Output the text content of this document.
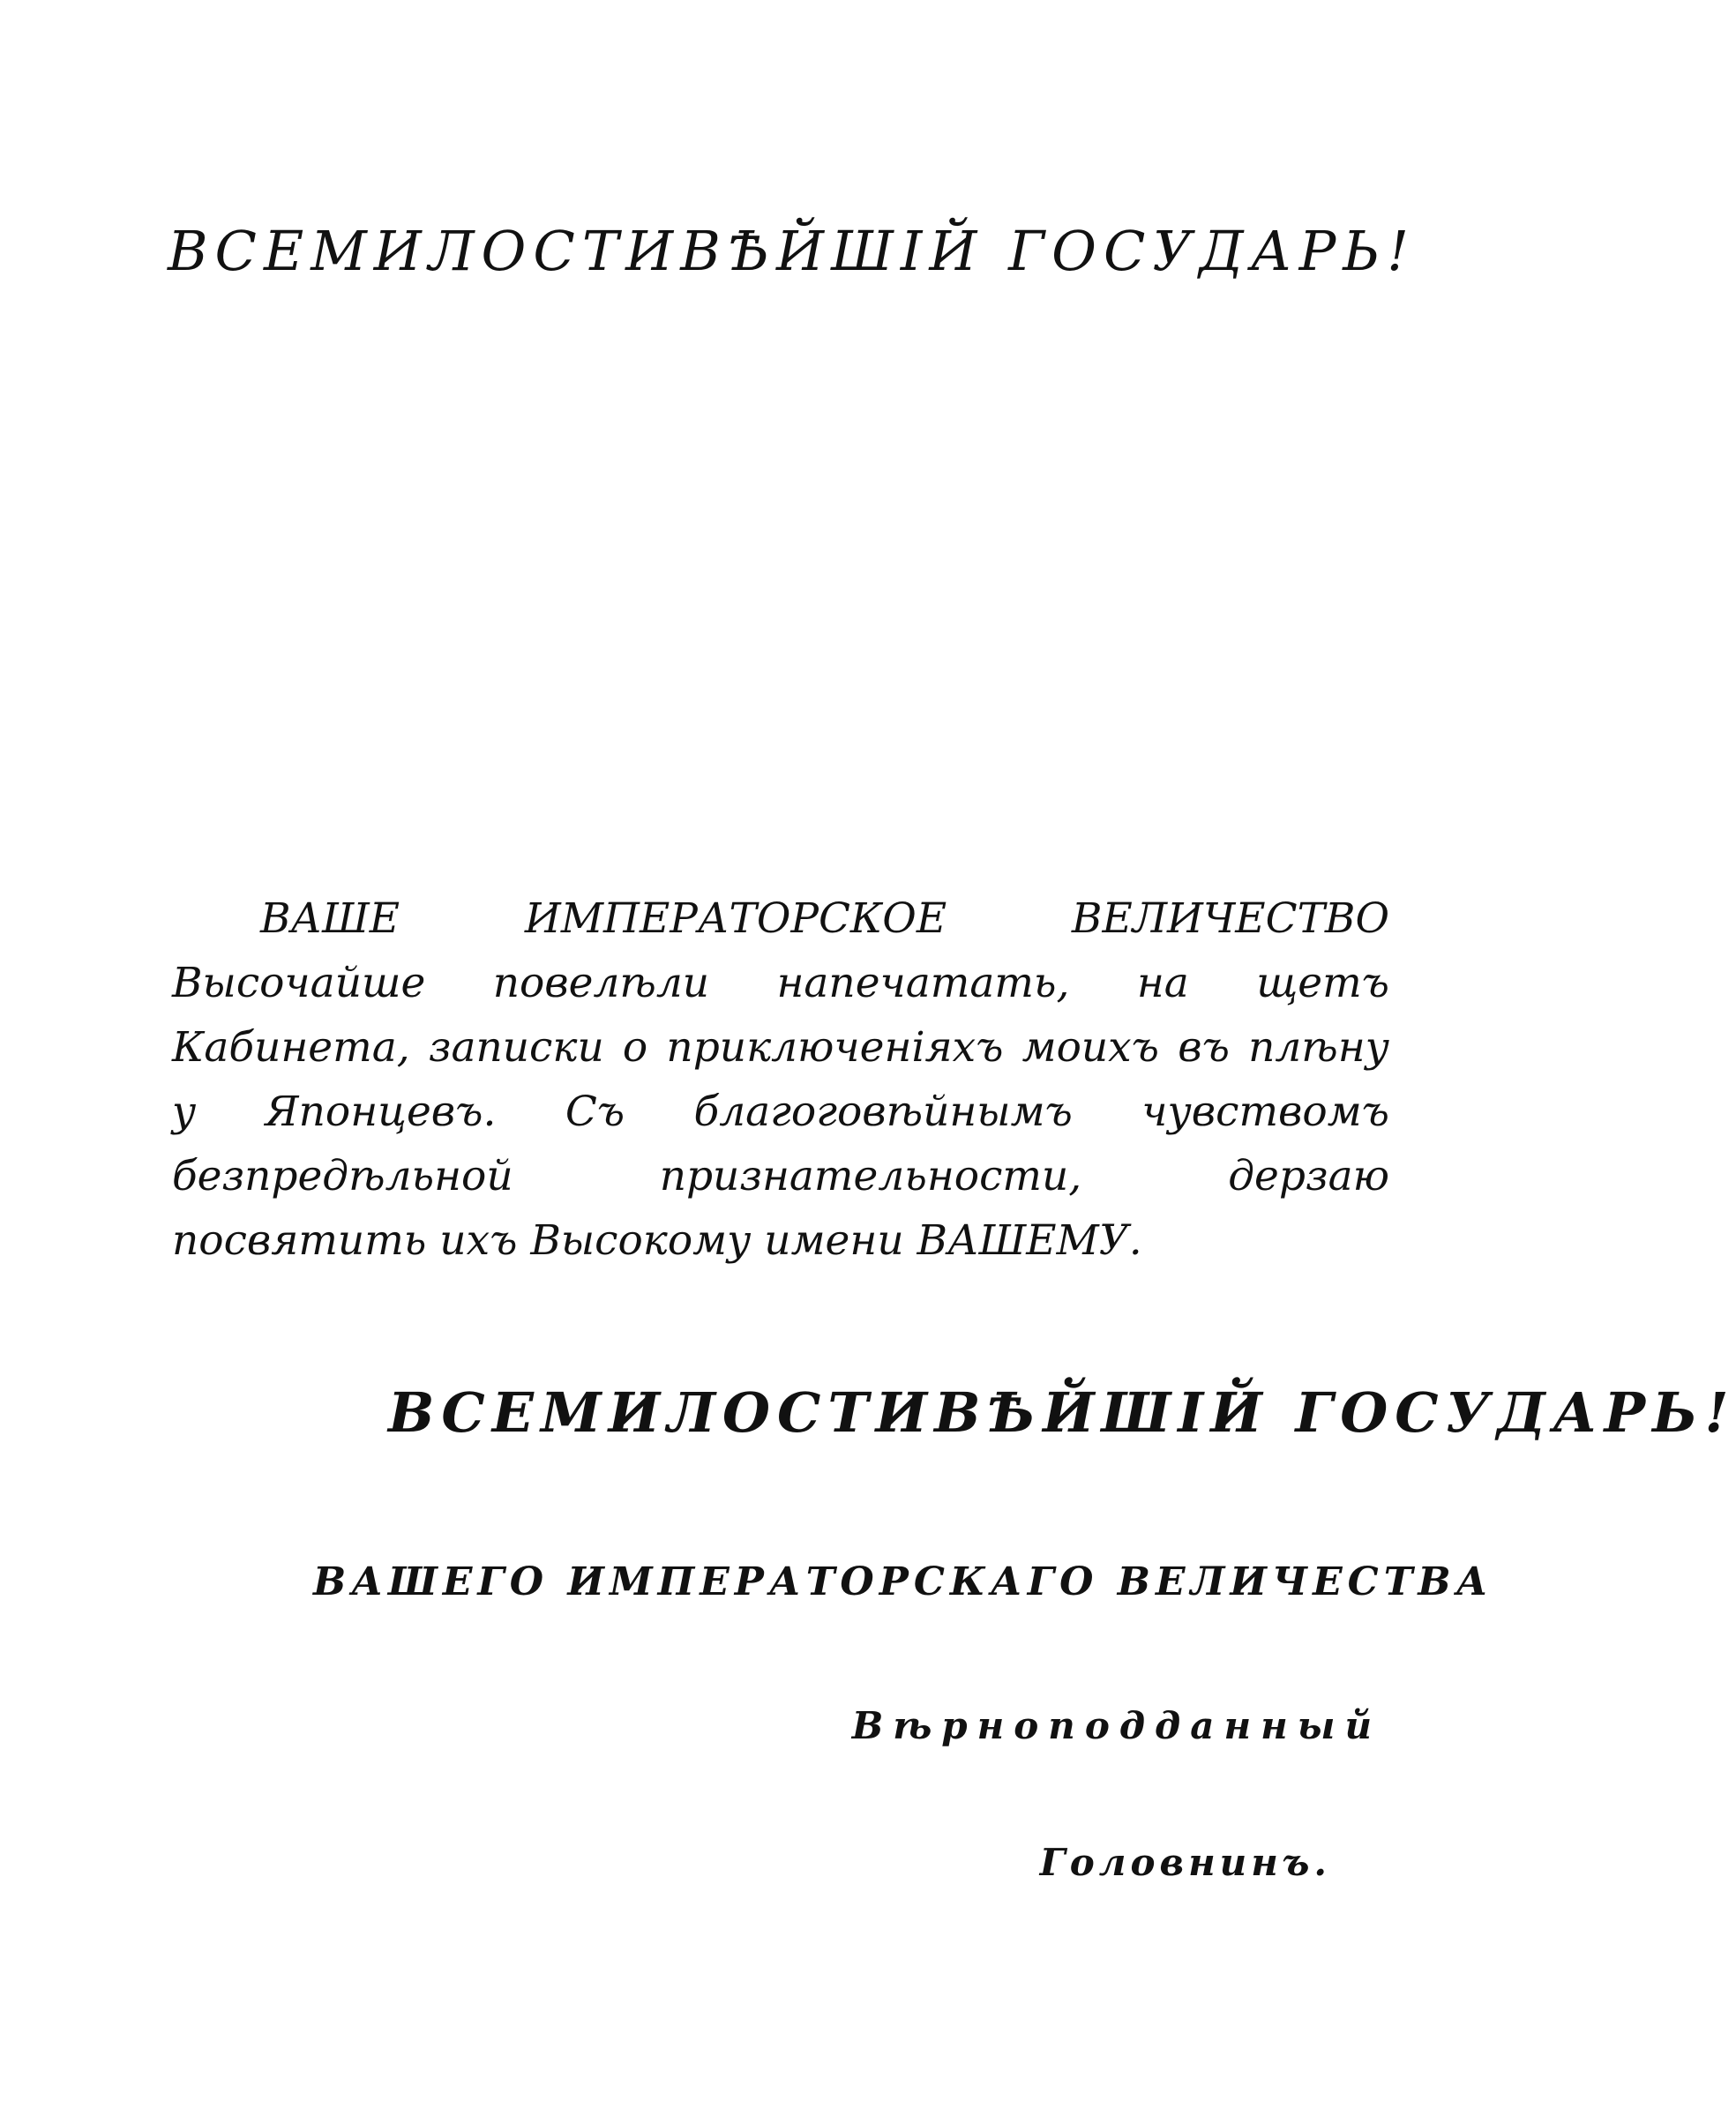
ВСЕМИЛОСТИВѢЙШІЙ ГОСУДАРЬ!
ВАШЕ ИМПЕРАТОРСКОЕ ВЕЛИЧЕСТВО Высочайше повелѣли напечатать, на щетъ Кабинета, записки о приключеніяхъ моихъ въ плѣну у Японцевъ. Съ благоговѣйнымъ чувствомъ безпредѣльной признательности, дерзаю посвятить ихъ Высокому имени ВАШЕМУ.
ВСЕМИЛОСТИВѢЙШІЙ ГОСУДАРЬ!
ВАШЕГО ИМПЕРАТОРСКАГО ВЕЛИЧЕСТВА
Вѣрноподданный
Головнинъ.
